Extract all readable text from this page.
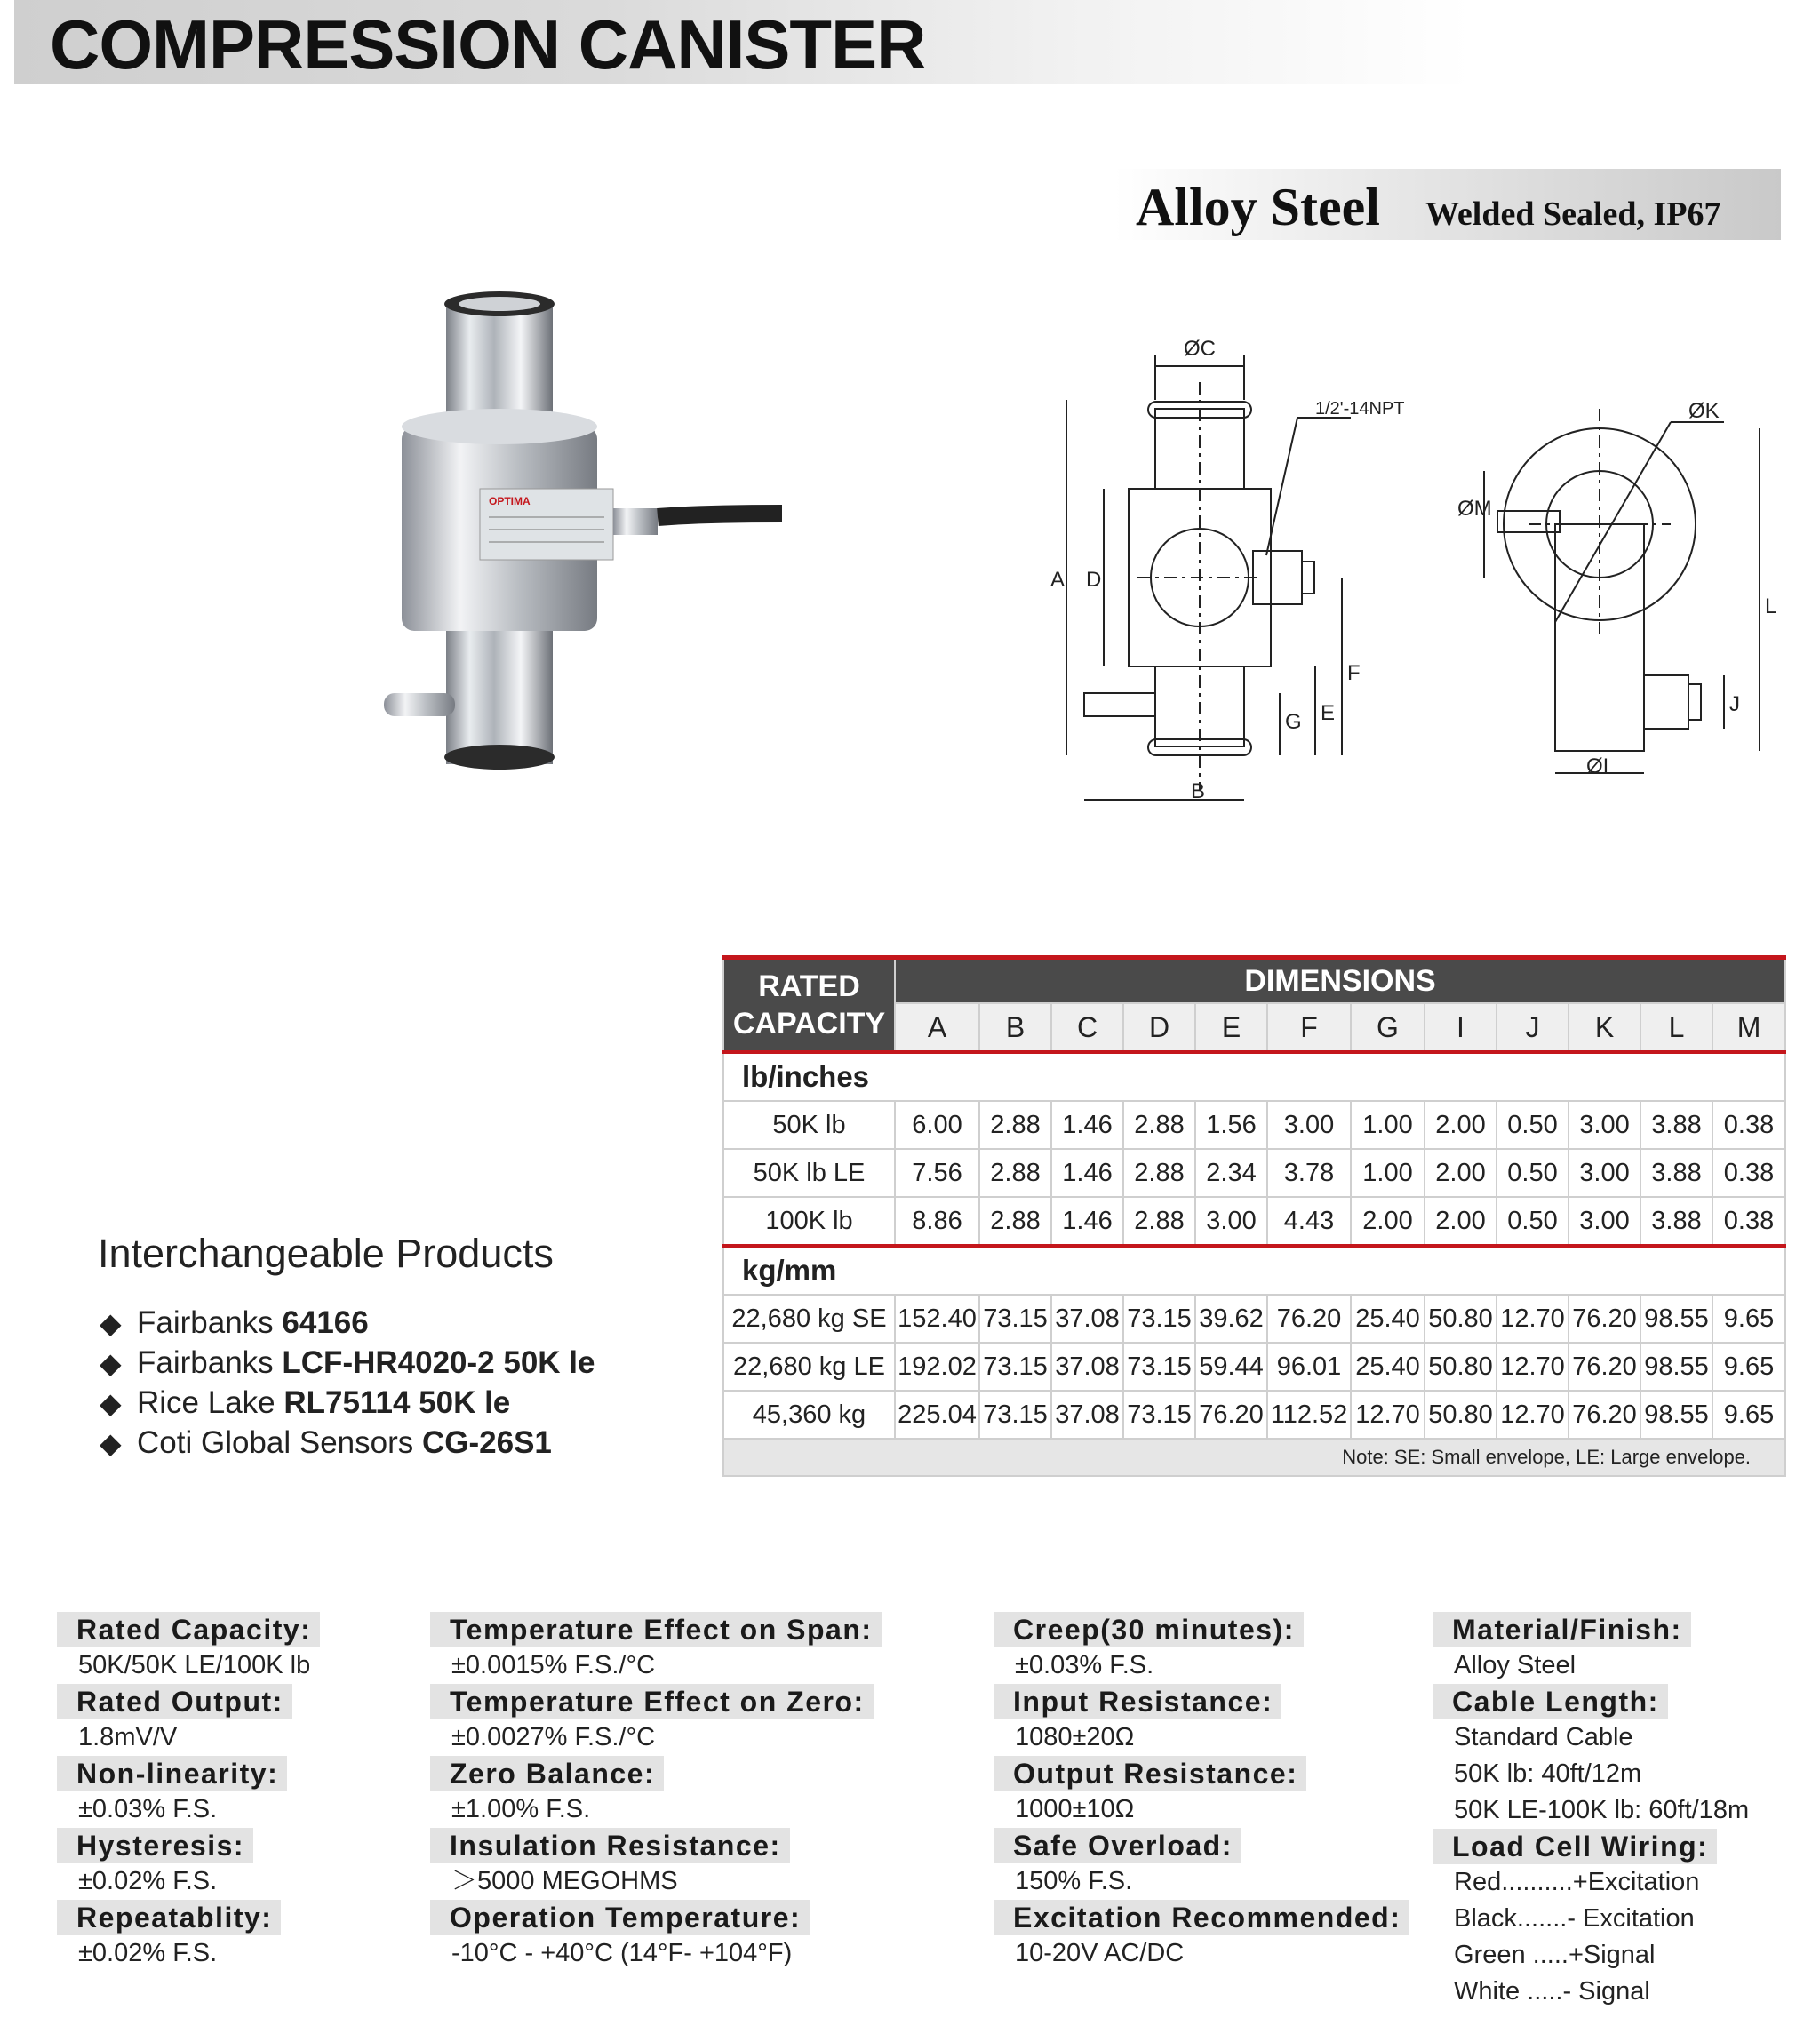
COMPRESSION CANISTER
Alloy Steel Welded Sealed, IP67
OPTIMA
ØC
1/2'-14NPT	ØK
ØM
A D
F
E
G
B
L
J
ØI
RATED
CAPACITY	DIMENSIONS											
	A	B	C	D	E	F	G	I	J	K	L	M
lb/inches												
50K lb	6.00	2.88	1.46	2.88	1.56	3.00	1.00	2.00	0.50	3.00	3.88	0.38
50K lb LE	7.56	2.88	1.46	2.88	2.34	3.78	1.00	2.00	0.50	3.00	3.88	0.38
100K lb	8.86	2.88	1.46	2.88	3.00	4.43	2.00	2.00	0.50	3.00	3.88	0.38
kg/mm												
22,680 kg SE	152.40	73.15	37.08	73.15	39.62	76.20	25.40	50.80	12.70	76.20	98.55	9.65
22,680 kg LE	192.02	73.15	37.08	73.15	59.44	96.01	25.40	50.80	12.70	76.20	98.55	9.65
45,360 kg	225.04	73.15	37.08	73.15	76.20	112.52	12.70	50.80	12.70	76.20	98.55	9.65
Note: SE: Small envelope, LE: Large envelope.												
Interchangeable Products
◆ Fairbanks 64166
◆ Fairbanks LCF-HR4020-2 50K le
◆ Rice Lake RL75114 50K le
◆ Coti Global Sensors CG-26S1
Rated Capacity:
50K/50K LE/100K lb
Rated Output:
1.8mV/V
Non-linearity:
±0.03% F.S.
Hysteresis:
±0.02% F.S.
Repeatablity:
±0.02% F.S.
Temperature Effect on Span:
±0.0015% F.S./°C
Temperature Effect on Zero:
±0.0027% F.S./°C
Zero Balance:
±1.00% F.S.
Insulation Resistance:
＞5000 MEGOHMS
Operation Temperature:
-10°C - +40°C (14°F- +104°F)
Creep(30 minutes):
±0.03% F.S.
Input Resistance:
1080±20Ω
Output Resistance:
1000±10Ω
Safe Overload:
150% F.S.
Excitation Recommended:
10-20V AC/DC
Material/Finish:
Alloy Steel
Cable Length:
Standard Cable
50K lb: 40ft/12m
50K LE-100K lb: 60ft/18m
Load Cell Wiring:
Red..........+Excitation
Black.......- Excitation
Green .....+Signal
White .....- Signal
